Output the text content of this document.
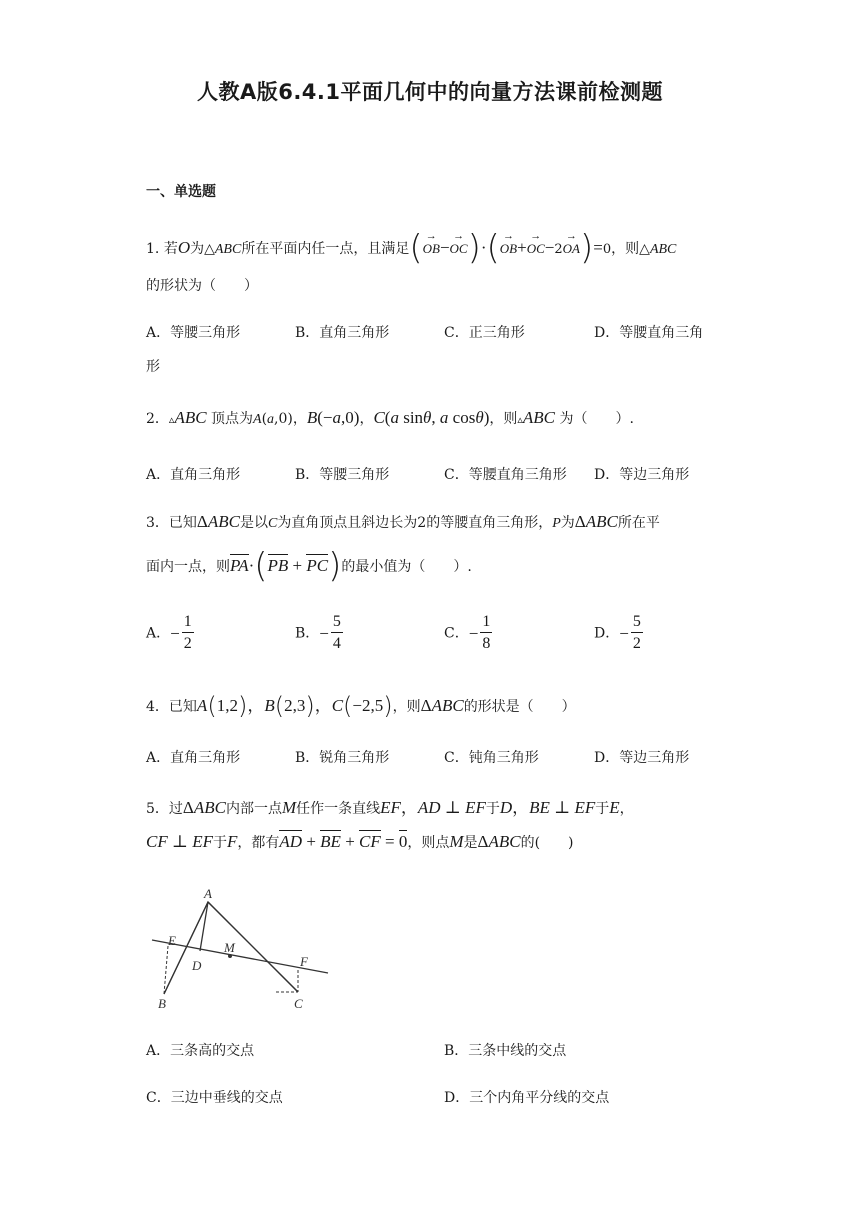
人教A版6.4.1平面几何中的向量方法课前检测题
一、单选题
1. 若O为△ABC所在平面内任一点，且满足(→ OB−→ OC)·(→ OB+→ OC−2→ OA)=0，则△ABC
的形状为（　　）
A．等腰三角形	B．直角三角形	C．正三角形	D．等腰直角三角
形
2．▵ABC 顶点为A(a,0)，B(−a,0)，C(a sinθ, a cosθ)，则▵ABC 为（　　）.
A．直角三角形	B．等腰三角形	C．等腰直角三角形 D．等边三角形
3．已知ΔABC是以C为直角顶点且斜边长为2的等腰直角三角形，P为ΔABC所在平
面内一点，则PA·(PB + PC)的最小值为（　　）.
A．− $\frac{1}{2}$	B．− $\frac{5}{4}$	C．− $\frac{1}{8}$	D．− $\frac{5}{2}$
4．已知A(1,2)，B(2,3)，C(−2,5)，则ΔABC的形状是（　　）
A．直角三角形	B．锐角三角形	C．钝角三角形	D．等边三角形
5．过ΔABC内部一点M任作一条直线EF，AD ⊥ EF于D，BE ⊥ EF于E，
CF ⊥ EF于F，都有AD + BE + CF = 0，则点M是ΔABC的(　　)
A
B	C
D
E
F
M
A．三条高的交点	B．三条中线的交点
C．三边中垂线的交点	D．三个内角平分线的交点
